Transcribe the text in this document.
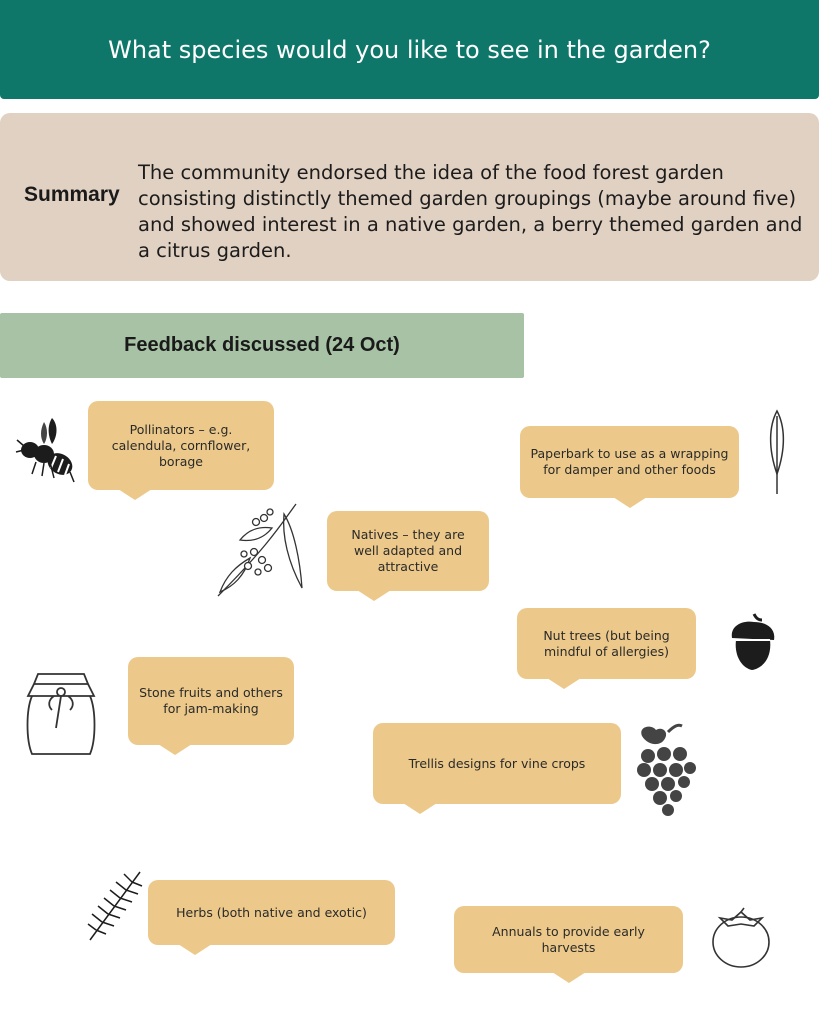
What species would you like to see in the garden?
Summary
The community endorsed the idea of the food forest garden consisting distinctly themed garden groupings (maybe around five) and showed interest in a native garden, a berry themed garden and a citrus garden.
Feedback discussed (24 Oct)
Pollinators – e.g. calendula, cornflower, borage	Paperbark to use as a wrapping for damper and other foods
Natives – they are well adapted and attractive
Nut trees (but being mindful of allergies)
Stone fruits and others for jam-making
Trellis designs for vine crops
Herbs (both native and exotic)
Annuals to provide early harvests
